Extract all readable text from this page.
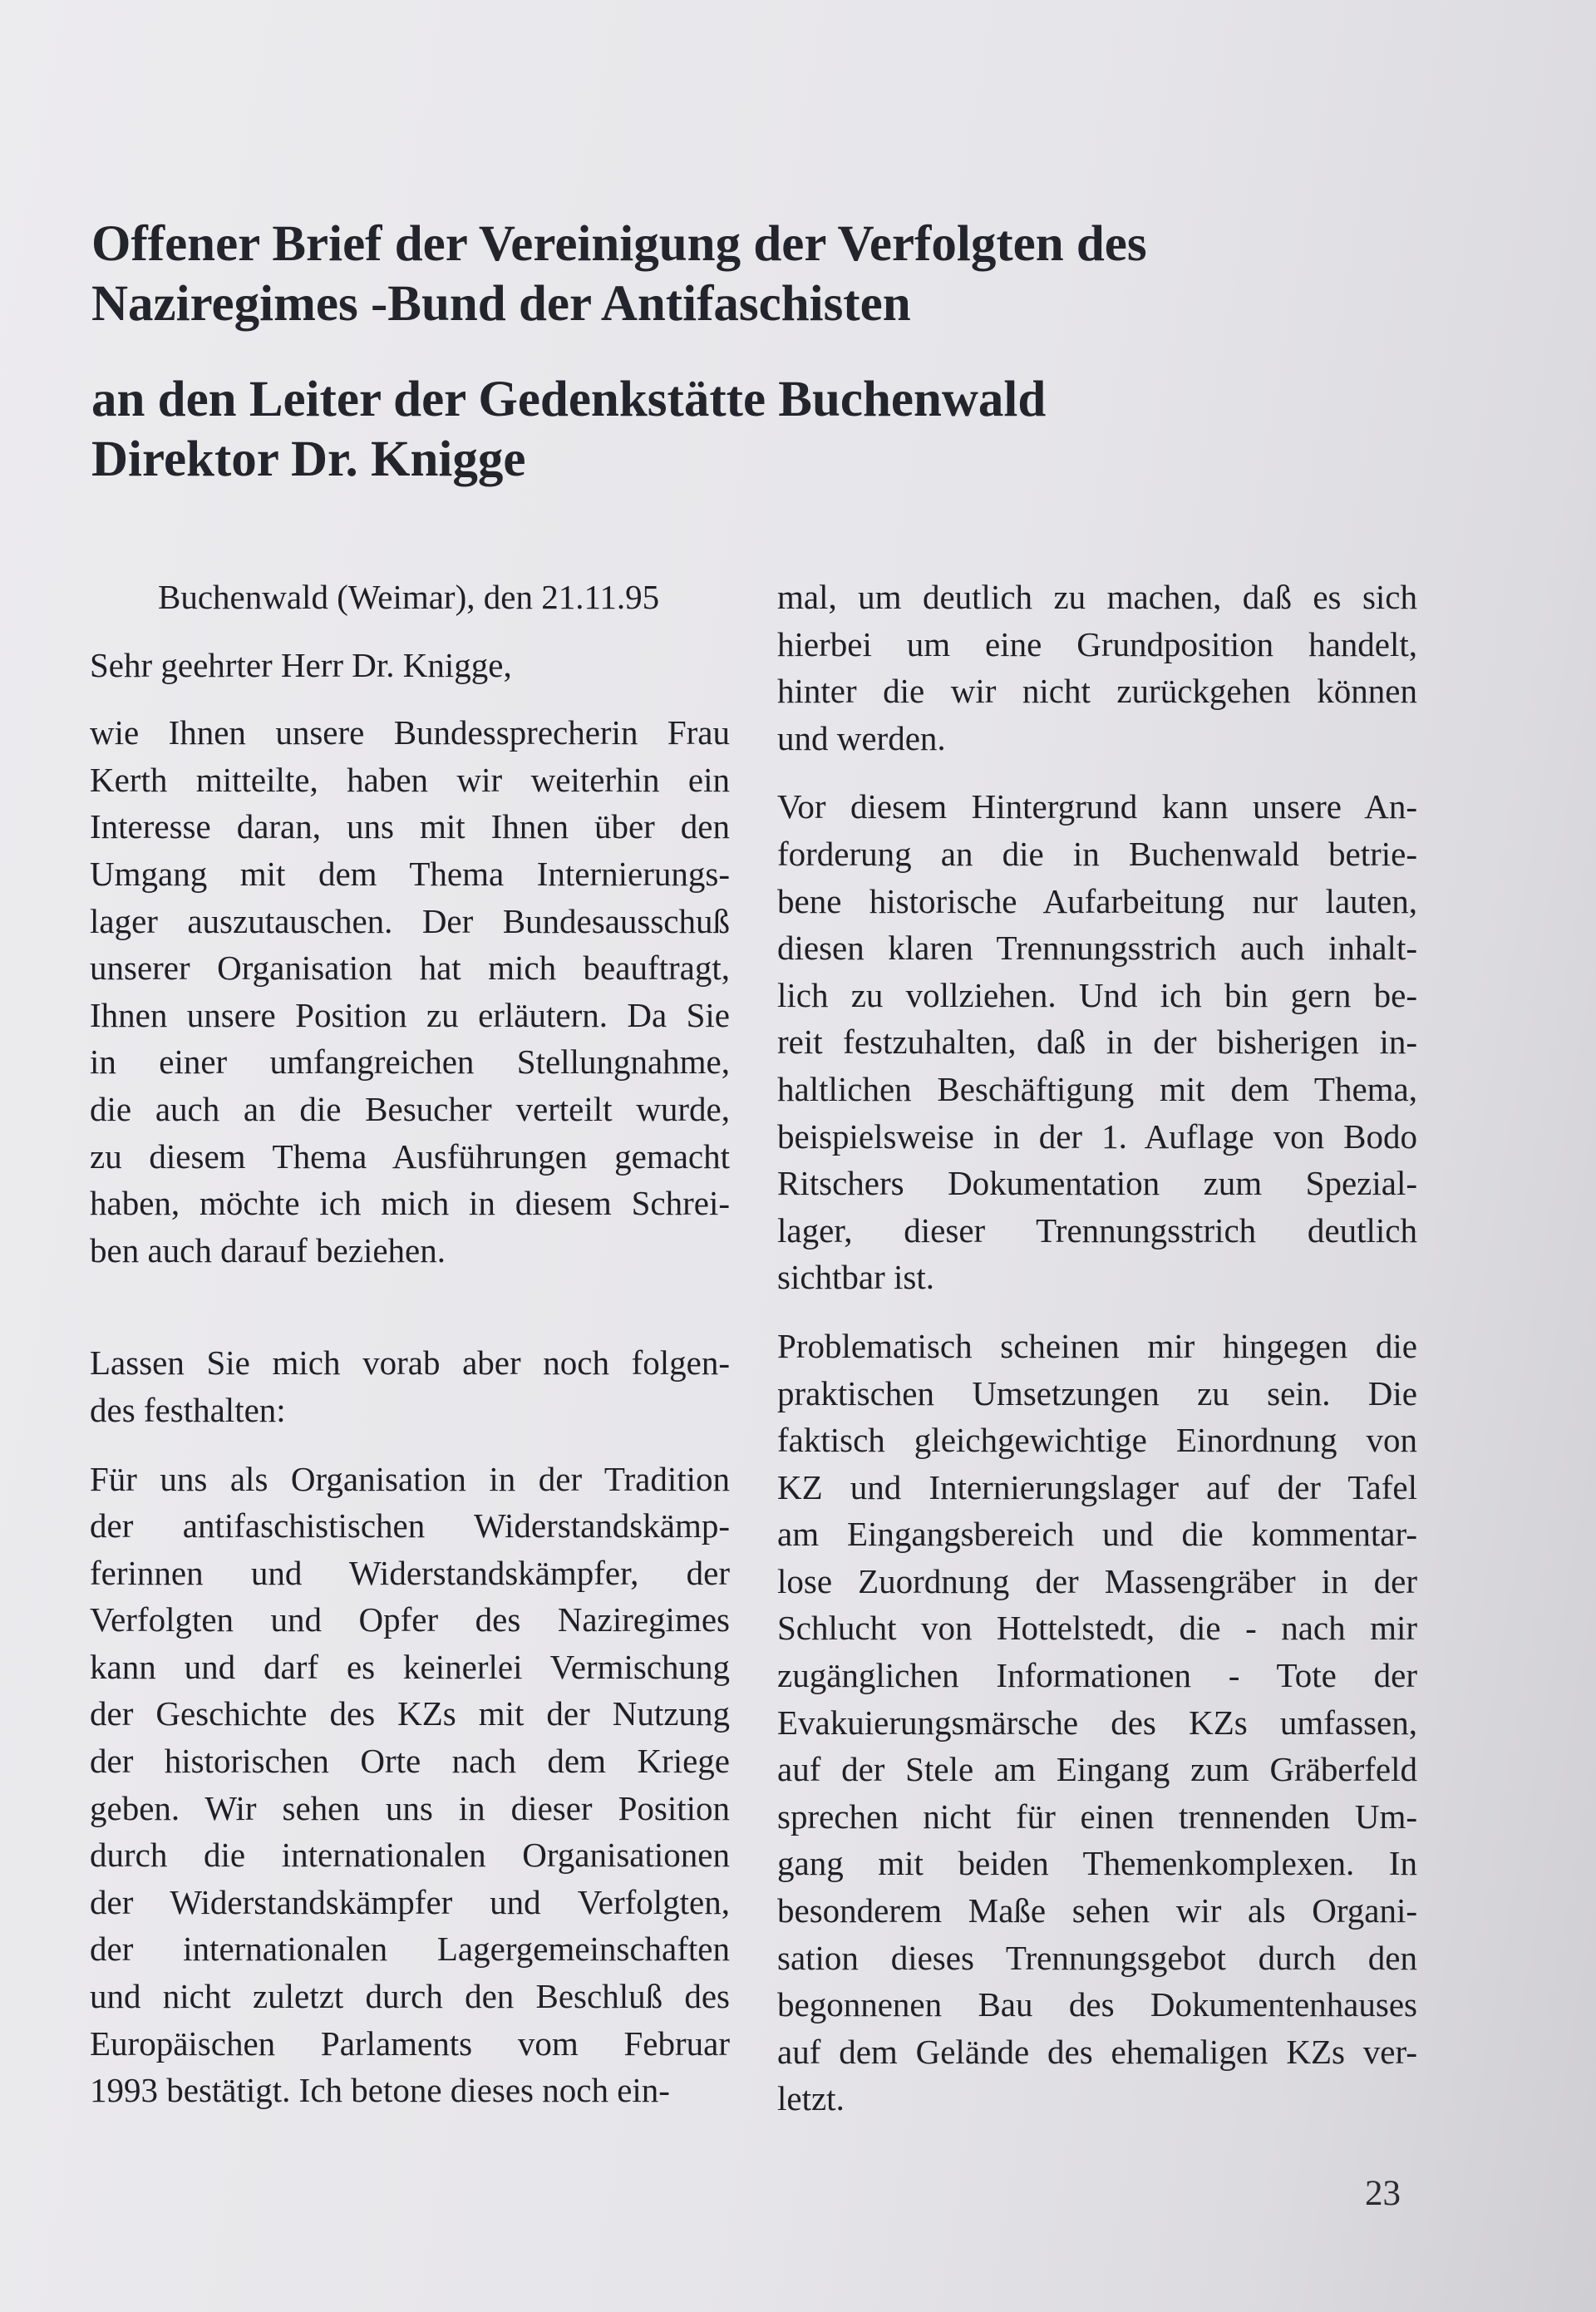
Offener Brief der Vereinigung der Verfolgten des
Naziregimes -Bund der Antifaschisten
an den Leiter der Gedenkstätte Buchenwald
Direktor Dr. Knigge

Buchenwald (Weimar), den 21.11.95

Sehr geehrter Herr Dr. Knigge,

wie Ihnen unsere Bundessprecherin Frau
Kerth mitteilte, haben wir weiterhin ein
Interesse daran, uns mit Ihnen über den
Umgang mit dem Thema Internierungs-
lager auszutauschen. Der Bundesausschuß
unserer Organisation hat mich beauftragt,
Ihnen unsere Position zu erläutern. Da Sie
in einer umfangreichen Stellungnahme,
die auch an die Besucher verteilt wurde,
zu diesem Thema Ausführungen gemacht
haben, möchte ich mich in diesem Schrei-
ben auch darauf beziehen.

Lassen Sie mich vorab aber noch folgen-
des festhalten:

Für uns als Organisation in der Tradition
der antifaschistischen Widerstandskämp-
ferinnen und Widerstandskämpfer, der
Verfolgten und Opfer des Naziregimes
kann und darf es keinerlei Vermischung
der Geschichte des KZs mit der Nutzung
der historischen Orte nach dem Kriege
geben. Wir sehen uns in dieser Position
durch die internationalen Organisationen
der Widerstandskämpfer und Verfolgten,
der internationalen Lagergemeinschaften
und nicht zuletzt durch den Beschluß des
Europäischen Parlaments vom Februar
1993 bestätigt. Ich betone dieses noch ein-

mal, um deutlich zu machen, daß es sich
hierbei um eine Grundposition handelt,
hinter die wir nicht zurückgehen können
und werden.

Vor diesem Hintergrund kann unsere An-
forderung an die in Buchenwald betrie-
bene historische Aufarbeitung nur lauten,
diesen klaren Trennungsstrich auch inhalt-
lich zu vollziehen. Und ich bin gern be-
reit festzuhalten, daß in der bisherigen in-
haltlichen Beschäftigung mit dem Thema,
beispielsweise in der 1. Auflage von Bodo
Ritschers Dokumentation zum Spezial-
lager, dieser Trennungsstrich deutlich
sichtbar ist.

Problematisch scheinen mir hingegen die
praktischen Umsetzungen zu sein. Die
faktisch gleichgewichtige Einordnung von
KZ und Internierungslager auf der Tafel
am Eingangsbereich und die kommentar-
lose Zuordnung der Massengräber in der
Schlucht von Hottelstedt, die - nach mir
zugänglichen Informationen - Tote der
Evakuierungsmärsche des KZs umfassen,
auf der Stele am Eingang zum Gräberfeld
sprechen nicht für einen trennenden Um-
gang mit beiden Themenkomplexen. In
besonderem Maße sehen wir als Organi-
sation dieses Trennungsgebot durch den
begonnenen Bau des Dokumentenhauses
auf dem Gelände des ehemaligen KZs ver-
letzt.

23
